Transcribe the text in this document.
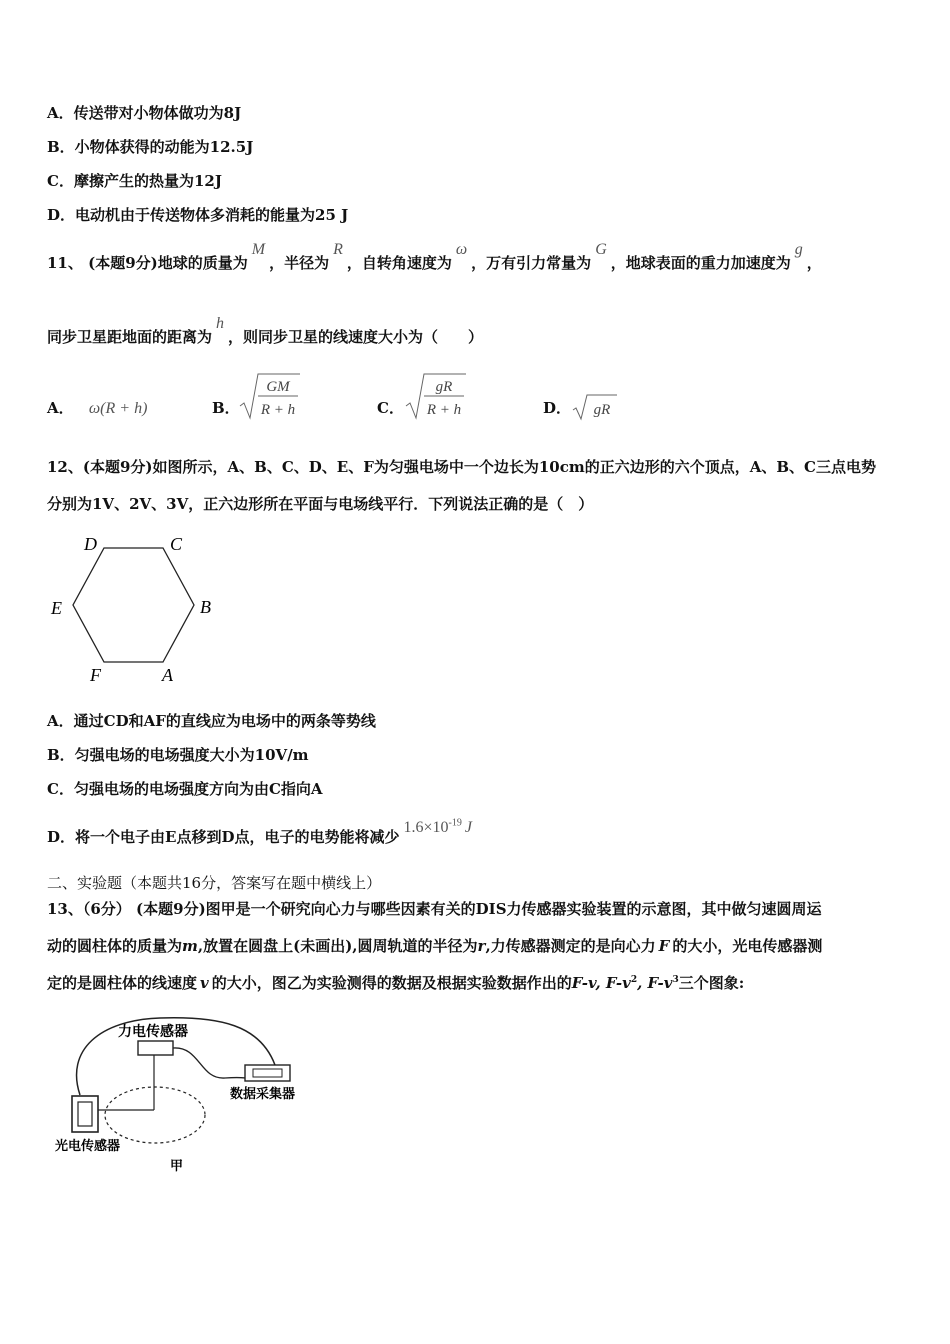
A．传送带对小物体做功为8J
B．小物体获得的动能为12.5J
C．摩擦产生的热量为12J
D．电动机由于传送物体多消耗的能量为25 J
11、 (本题9分)地球的质量为M，半径为R，自转角速度为ω，万有引力常量为G，地球表面的重力加速度为g，
同步卫星距地面的距离为h，则同步卫星的线速度大小为（　　）
A． ω(R + h)	B．
GM
R + h	C．
gR
R + h	D． gR
12、(本题9分)如图所示，A、B、C、D、E、F为匀强电场中一个边长为10cm的正六边形的六个顶点，A、B、C三点电势
分别为1V、2V、3V，正六边形所在平面与电场线平行．下列说法正确的是（　）
A
B
C
D
E
F
A．通过CD和AF的直线应为电场中的两条等势线
B．匀强电场的电场强度大小为10V/m
C．匀强电场的电场强度方向为由C指向A
D．将一个电子由E点移到D点，电子的电势能将减少$1.6\times 10^{-19}$ J
二、实验题（本题共16分，答案写在题中横线上）
13、（6分） (本题9分)图甲是一个研究向心力与哪些因素有关的DIS力传感器实验装置的示意图，其中做匀速圆周运
动的圆柱体的质量为m,放置在圆盘上(未画出),圆周轨道的半径为r,力传感器测定的是向心力 F 的大小，光电传感器测
定的是圆柱体的线速度 v 的大小，图乙为实验测得的数据及根据实验数据作出的F-v, $F-v^2$, $F-v^3$三个图象:
力电传感器
数据采集器
光电传感器
甲
